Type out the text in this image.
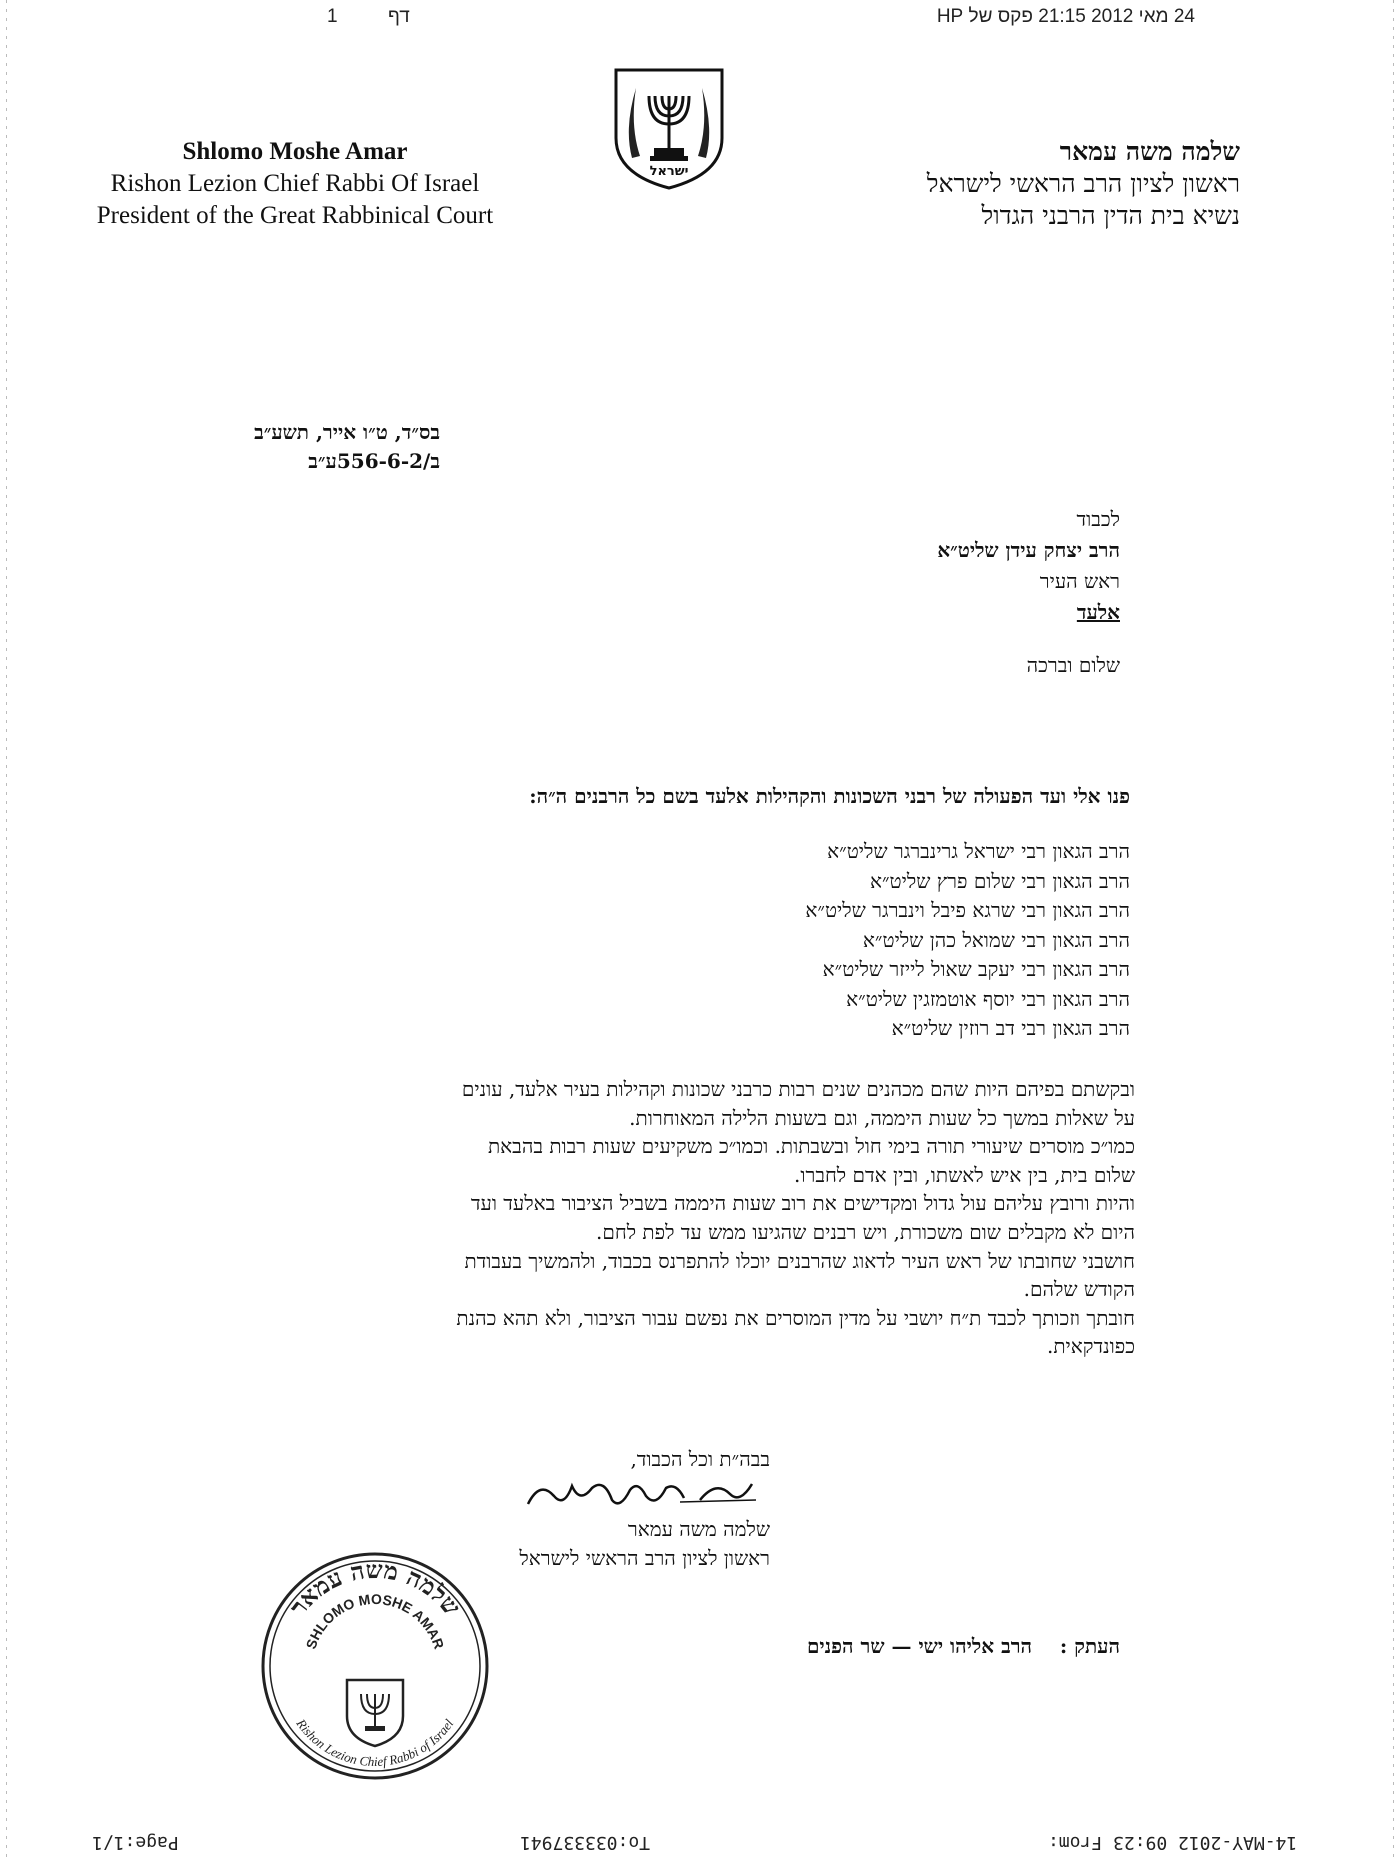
1	דף	24 מאי 2012 21:15 פקס של HP
ישראל
Shlomo Moshe Amar
Rishon Lezion Chief Rabbi Of Israel
President of the Great Rabbinical Court
שלמה משה עמאר
ראשון לציון הרב הראשי לישראל
נשיא בית הדין הרבני הגדול
בס״ד, ט״ו אייר, תשע״ב
ב/556-6-2ע״ב
לכבוד
הרב יצחק עידן שליט״א
ראש העיר
אלעד
שלום וברכה
פנו אלי ועד הפעולה של רבני השכונות והקהילות אלעד בשם כל הרבנים ה״ה:
הרב הגאון רבי ישראל גרינברגר שליט״א
הרב הגאון רבי שלום פרץ שליט״א
הרב הגאון רבי שרגא פיבל וינברגר שליט״א
הרב הגאון רבי שמואל כהן שליט״א
הרב הגאון רבי יעקב שאול לייזר שליט״א
הרב הגאון רבי יוסף אוטמזגין שליט״א
הרב הגאון רבי דב רוזין שליט״א
ובקשתם בפיהם היות שהם מכהנים שנים רבות כרבני שכונות וקהילות בעיר אלעד, עונים
על שאלות במשך כל שעות היממה, וגם בשעות הלילה המאוחרות.
כמו״כ מוסרים שיעורי תורה בימי חול ובשבתות. וכמו״כ משקיעים שעות רבות בהבאת
שלום בית, בין איש לאשתו, ובין אדם לחברו.
והיות ורובץ עליהם עול גדול ומקדישים את רוב שעות היממה בשביל הציבור באלעד ועד
היום לא מקבלים שום משכורת, ויש רבנים שהגיעו ממש עד לפת לחם.
חושבני שחובתו של ראש העיר לדאוג שהרבנים יוכלו להתפרנס בכבוד, ולהמשיך בעבודת
הקודש שלהם.
חובתך וזכותך לכבד ת״ח יושבי על מדין המוסרים את נפשם עבור הציבור, ולא תהא כהנת
כפונדקאית.
בבה״ת וכל הכבוד,
שלמה משה עמאר
ראשון לציון הרב הראשי לישראל
שלמה משה עמאר
SHLOMO MOSHE AMAR
Rishon Lezion Chief Rabbi of Israel
העתק :    הרב אליהו ישי — שר הפנים
14-MAY-2012 09:23 From:
To:033337941
Page:1/1
